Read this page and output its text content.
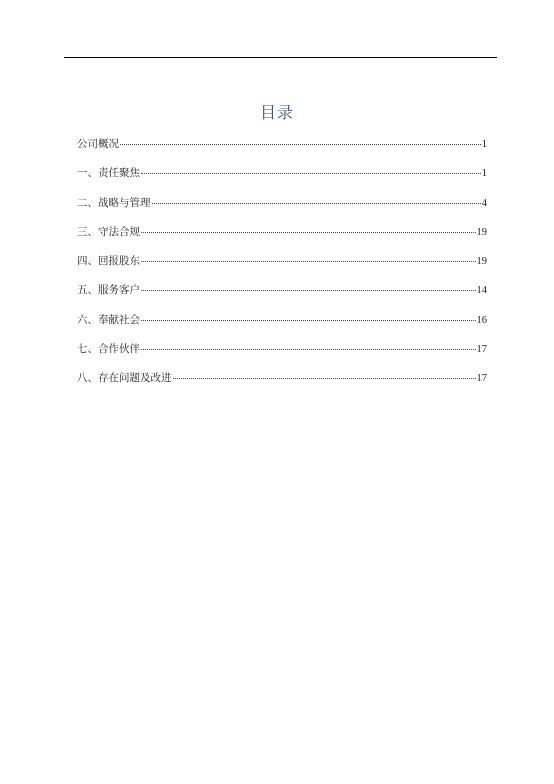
目录
公司概况	1
一、责任聚焦	1
二、战略与管理	4
三、守法合规	19
四、回报股东	19
五、服务客户	14
六、奉献社会	16
七、合作伙伴	17
八、存在问题及改进	17
